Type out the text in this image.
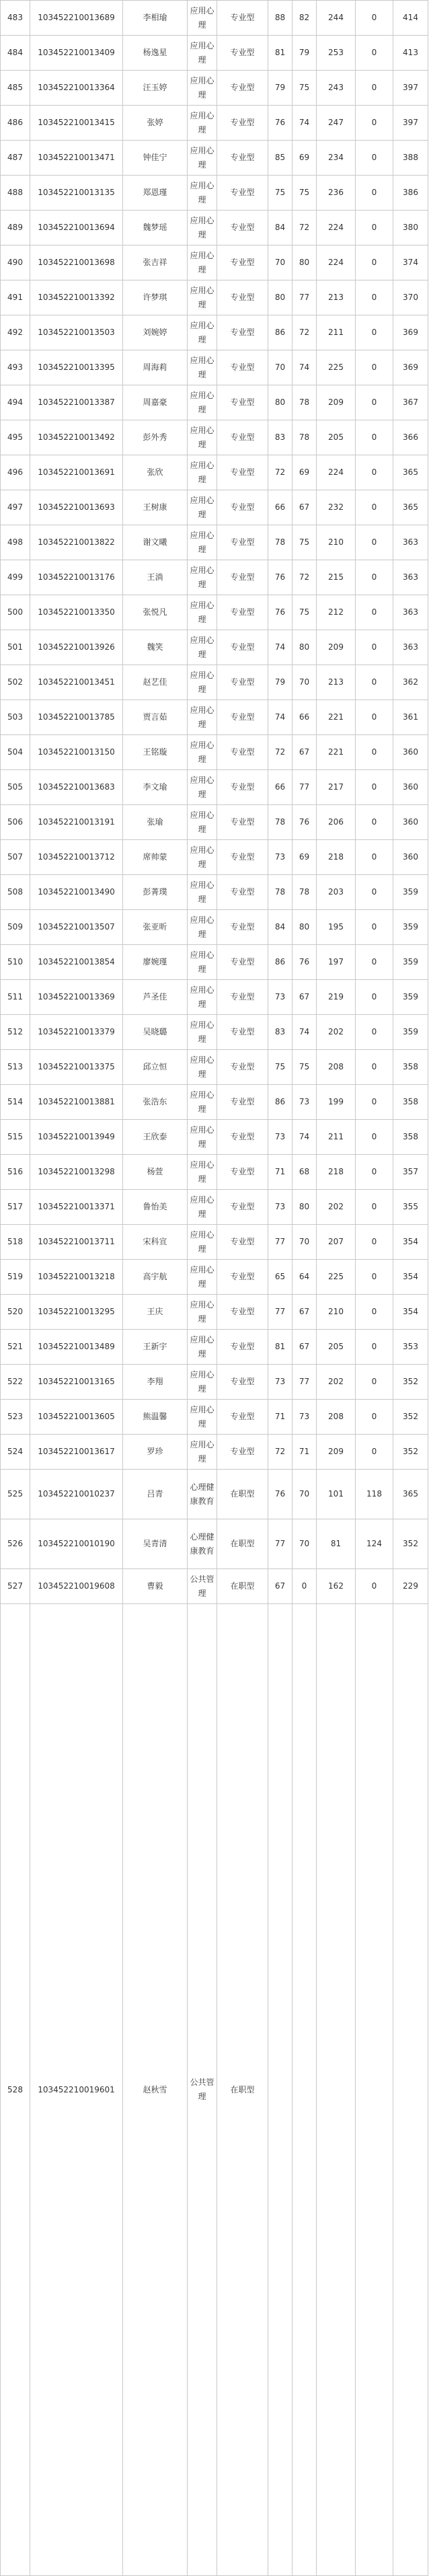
483	103452210013689	李相瑜	应用心理	专业型	88	82	244	0	414
484	103452210013409	杨逸星	应用心理	专业型	81	79	253	0	413
485	103452210013364	汪玉婷	应用心理	专业型	79	75	243	0	397
486	103452210013415	张婷	应用心理	专业型	76	74	247	0	397
487	103452210013471	钟佳宁	应用心理	专业型	85	69	234	0	388
488	103452210013135	郑恩瑾	应用心理	专业型	75	75	236	0	386
489	103452210013694	魏梦瑶	应用心理	专业型	84	72	224	0	380
490	103452210013698	张吉祥	应用心理	专业型	70	80	224	0	374
491	103452210013392	许梦琪	应用心理	专业型	80	77	213	0	370
492	103452210013503	刘婉婷	应用心理	专业型	86	72	211	0	369
493	103452210013395	周海莉	应用心理	专业型	70	74	225	0	369
494	103452210013387	周嘉豪	应用心理	专业型	80	78	209	0	367
495	103452210013492	彭外秀	应用心理	专业型	83	78	205	0	366
496	103452210013691	张欣	应用心理	专业型	72	69	224	0	365
497	103452210013693	王树康	应用心理	专业型	66	67	232	0	365
498	103452210013822	谢文曦	应用心理	专业型	78	75	210	0	363
499	103452210013176	王淌	应用心理	专业型	76	72	215	0	363
500	103452210013350	张悦凡	应用心理	专业型	76	75	212	0	363
501	103452210013926	魏笑	应用心理	专业型	74	80	209	0	363
502	103452210013451	赵艺佳	应用心理	专业型	79	70	213	0	362
503	103452210013785	贾言茹	应用心理	专业型	74	66	221	0	361
504	103452210013150	王铭璇	应用心理	专业型	72	67	221	0	360
505	103452210013683	李文瑜	应用心理	专业型	66	77	217	0	360
506	103452210013191	张瑜	应用心理	专业型	78	76	206	0	360
507	103452210013712	席帅蒙	应用心理	专业型	73	69	218	0	360
508	103452210013490	彭菁璞	应用心理	专业型	78	78	203	0	359
509	103452210013507	张亚昕	应用心理	专业型	84	80	195	0	359
510	103452210013854	廖婉瑾	应用心理	专业型	86	76	197	0	359
511	103452210013369	芦圣佳	应用心理	专业型	73	67	219	0	359
512	103452210013379	吴晓璐	应用心理	专业型	83	74	202	0	359
513	103452210013375	邱立恒	应用心理	专业型	75	75	208	0	358
514	103452210013881	张浩东	应用心理	专业型	86	73	199	0	358
515	103452210013949	王欣泰	应用心理	专业型	73	74	211	0	358
516	103452210013298	杨萱	应用心理	专业型	71	68	218	0	357
517	103452210013371	鲁怡美	应用心理	专业型	73	80	202	0	355
518	103452210013711	宋科宣	应用心理	专业型	77	70	207	0	354
519	103452210013218	高宇航	应用心理	专业型	65	64	225	0	354
520	103452210013295	王庆	应用心理	专业型	77	67	210	0	354
521	103452210013489	王新宇	应用心理	专业型	81	67	205	0	353
522	103452210013165	李翔	应用心理	专业型	73	77	202	0	352
523	103452210013605	熊温馨	应用心理	专业型	71	73	208	0	352
524	103452210013617	罗珍	应用心理	专业型	72	71	209	0	352
525	103452210010237	吕青	心理健康教育	在职型	76	70	101	118	365
526	103452210010190	吴青清	心理健康教育	在职型	77	70	81	124	352
527	103452210019608	曹毅	公共管理	在职型	67	0	162	0	229
528	103452210019601	赵秋雪	公共管理	在职型					
